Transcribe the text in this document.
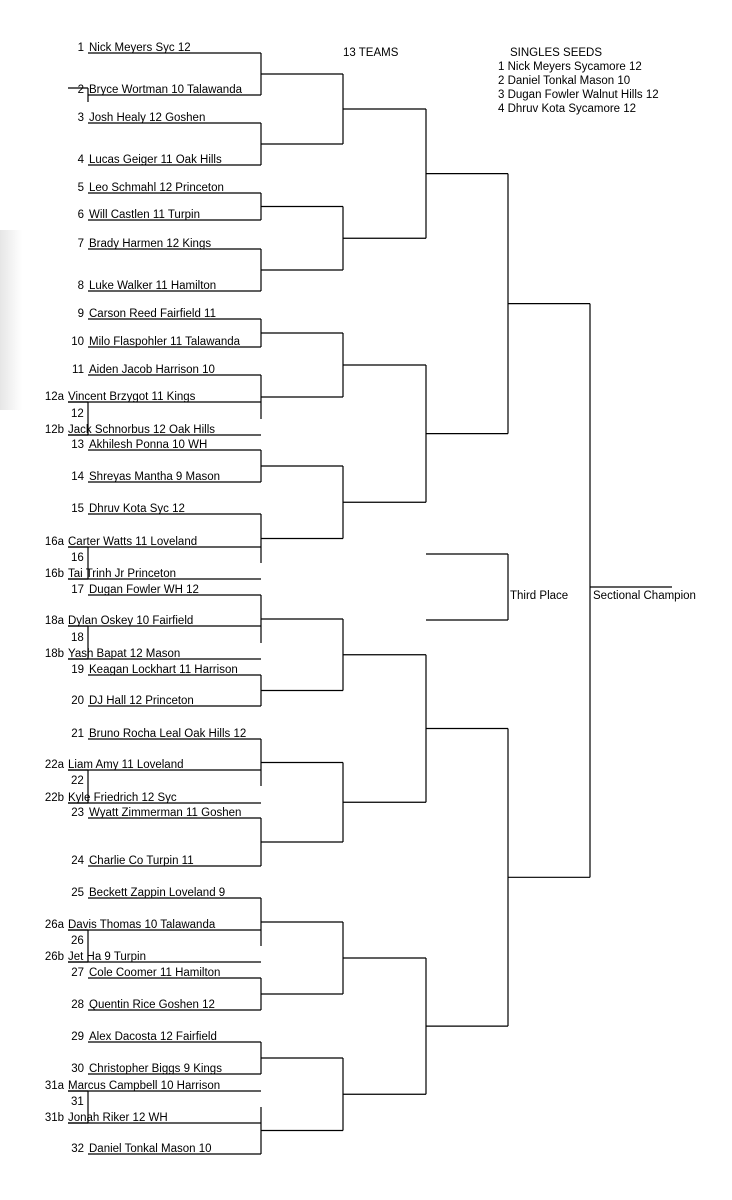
13 TEAMS	SINGLES SEEDS
1 Nick Meyers Sycamore 12
2 Daniel Tonkal Mason 10
3 Dugan Fowler Walnut Hills 12
4 Dhruv Kota Sycamore 12
1 Nick Meyers Syc 12
2 Bryce Wortman 10 Talawanda
3 Josh Healy 12 Goshen
4 Lucas Geiger 11 Oak Hills
5 Leo Schmahl 12 Princeton
6 Will Castlen 11 Turpin
7 Brady Harmen 12 Kings
8 Luke Walker 11 Hamilton
9 Carson Reed Fairfield 11
10 Milo Flaspohler 11 Talawanda
11 Aiden Jacob Harrison 10
12a Vincent Brzygot 11 Kings
12
12b Jack Schnorbus 12 Oak Hills
13 Akhilesh Ponna 10 WH
14 Shreyas Mantha 9 Mason
15 Dhruv Kota Syc 12
16a Carter Watts 11 Loveland
16
16b Tai Trinh Jr Princeton
17 Dugan Fowler WH 12
18a Dylan Oskey 10 Fairfield
18
18b Yash Bapat 12 Mason
19 Keagan Lockhart 11 Harrison
20 DJ Hall 12 Princeton
21 Bruno Rocha Leal Oak Hills 12
22a Liam Amy 11 Loveland
22
22b Kyle Friedrich 12 Syc
23 Wyatt Zimmerman 11 Goshen
24 Charlie Co Turpin 11
25 Beckett Zappin Loveland 9
26a Davis Thomas 10 Talawanda
26
26b Jet Ha 9 Turpin
27 Cole Coomer 11 Hamilton
28 Quentin Rice Goshen 12
29 Alex Dacosta 12 Fairfield
30 Christopher Biggs 9 Kings
31a Marcus Campbell 10 Harrison
31
31b Jonah Riker 12 WH
32 Daniel Tonkal Mason 10
Third Place Sectional Champion
